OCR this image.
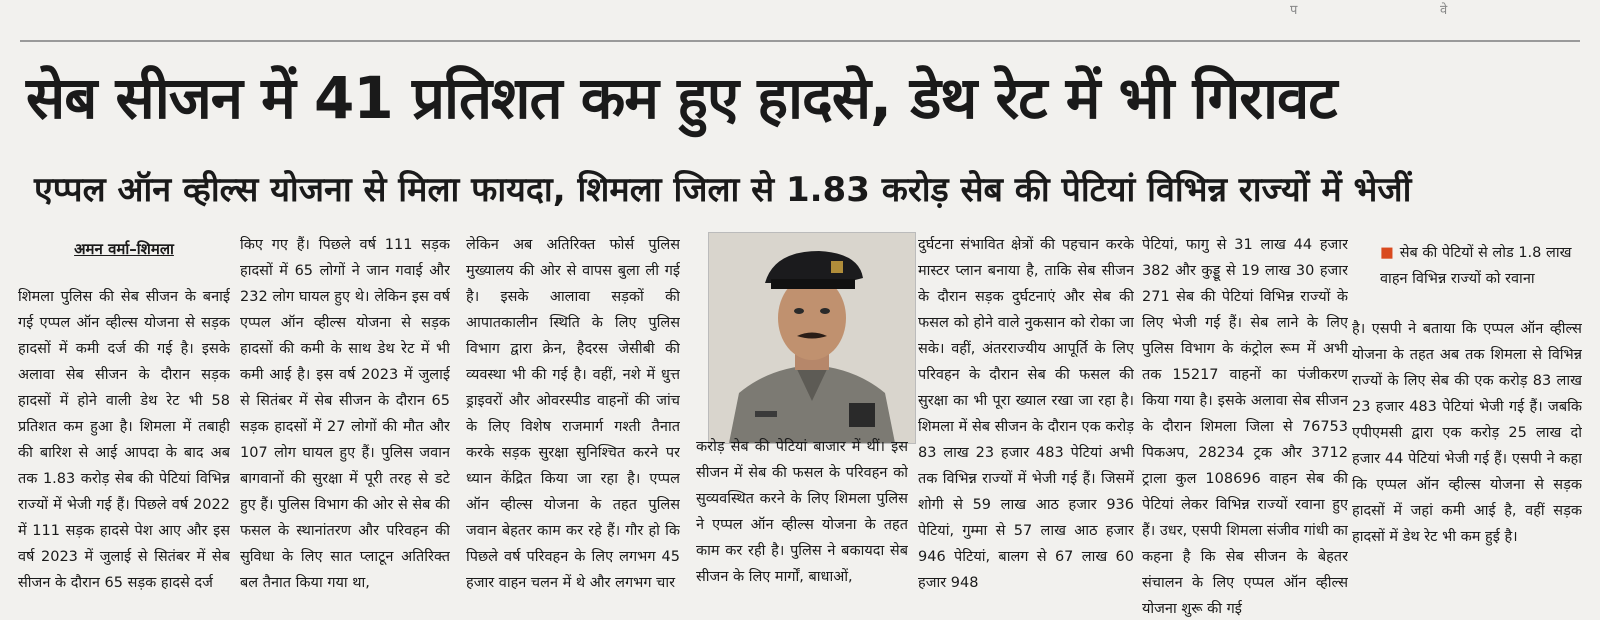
प	वे
सेब सीजन में 41 प्रतिशत कम हुए हादसे, डेथ रेट में भी गिरावट
एप्पल ऑन व्हील्स योजना से मिला फायदा, शिमला जिला से 1.83 करोड़ सेब की पेटियां विभिन्न राज्यों में भेजीं
अमन वर्मा–शिमला

शिमला पुलिस की सेब सीजन के बनाई गई एप्पल ऑन व्हील्स योजना से सड़क हादसों में कमी दर्ज की गई है। इसके अलावा सेब सीजन के दौरान सड़क हादसों में होने वाली डेथ रेट भी 58 प्रतिशत कम हुआ है। शिमला में तबाही की बारिश से आई आपदा के बाद अब तक 1.83 करोड़ सेब की पेटियां विभिन्न राज्यों में भेजी गई हैं। पिछले वर्ष 2022 में 111 सड़क हादसे पेश आए और इस वर्ष 2023 में जुलाई से सितंबर में सेब सीजन के दौरान 65 सड़क हादसे दर्ज

किए गए हैं। पिछले वर्ष 111 सड़क हादसों में 65 लोगों ने जान गवाई और 232 लोग घायल हुए थे। लेकिन इस वर्ष एप्पल ऑन व्हील्स योजना से सड़क हादसों की कमी के साथ डेथ रेट में भी कमी आई है। इस वर्ष 2023 में जुलाई से सितंबर में सेब सीजन के दौरान 65 सड़क हादसों में 27 लोगों की मौत और 107 लोग घायल हुए हैं। पुलिस जवान बागवानों की सुरक्षा में पूरी तरह से डटे हुए हैं। पुलिस विभाग की ओर से सेब की फसल के स्थानांतरण और परिवहन की सुविधा के लिए सात प्लाटून अतिरिक्त बल तैनात किया गया था,

लेकिन अब अतिरिक्त फोर्स पुलिस मुख्यालय की ओर से वापस बुला ली गई है। इसके आलावा सड़कों की आपातकालीन स्थिति के लिए पुलिस विभाग द्वारा क्रेन, हैदरस जेसीबी की व्यवस्था भी की गई है। वहीं, नशे में धुत्त ड्राइवरों और ओवरस्पीड वाहनों की जांच के लिए विशेष राजमार्ग गश्ती तैनात करके सड़क सुरक्षा सुनिश्चित करने पर ध्यान केंद्रित किया जा रहा है। एप्पल ऑन व्हील्स योजना के तहत पुलिस जवान बेहतर काम कर रहे हैं। गौर हो कि पिछले वर्ष परिवहन के लिए लगभग 45 हजार वाहन चलन में थे और लगभग चार

करोड़ सेब की पेटियां बाजार में थीं। इस सीजन में सेब की फसल के परिवहन को सुव्यवस्थित करने के लिए शिमला पुलिस ने एप्पल ऑन व्हील्स योजना के तहत काम कर रही है। पुलिस ने बकायदा सेब सीजन के लिए मार्गों, बाधाओं,

दुर्घटना संभावित क्षेत्रों की पहचान करके मास्टर प्लान बनाया है, ताकि सेब सीजन के दौरान सड़क दुर्घटनाएं और सेब की फसल को होने वाले नुकसान को रोका जा सके। वहीं, अंतरराज्यीय आपूर्ति के लिए परिवहन के दौरान सेब की फसल की सुरक्षा का भी पूरा ख्याल रखा जा रहा है। शिमला में सेब सीजन के दौरान एक करोड़ 83 लाख 23 हजार 483 पेटियां अभी तक विभिन्न राज्यों में भेजी गई हैं। जिसमें शोगी से 59 लाख आठ हजार 936 पेटियां, गुम्मा से 57 लाख आठ हजार 946 पेटियां, बालग से 67 लाख 60 हजार 948

पेटियां, फागु से 31 लाख 44 हजार 382 और कुड्डू से 19 लाख 30 हजार 271 सेब की पेटियां विभिन्न राज्यों के लिए भेजी गई हैं। सेब लाने के लिए पुलिस विभाग के कंट्रोल रूम में अभी तक 15217 वाहनों का पंजीकरण किया गया है। इसके अलावा सेब सीजन के दौरान शिमला जिला से 76753 पिकअप, 28234 ट्रक और 3712 ट्राला कुल 108696 वाहन सेब की पेटियां लेकर विभिन्न राज्यों रवाना हुए हैं। उधर, एसपी शिमला संजीव गांधी का कहना है कि सेब सीजन के बेहतर संचालन के लिए एप्पल ऑन व्हील्स योजना शुरू की गई

■ सेब की पेटियों से लोड 1.8 लाख वाहन विभिन्न राज्यों को रवाना

है। एसपी ने बताया कि एप्पल ऑन व्हील्स योजना के तहत अब तक शिमला से विभिन्न राज्यों के लिए सेब की एक करोड़ 83 लाख 23 हजार 483 पेटियां भेजी गई हैं। जबकि एपीएमसी द्वारा एक करोड़ 25 लाख दो हजार 44 पेटियां भेजी गई हैं। एसपी ने कहा कि एप्पल ऑन व्हील्स योजना से सड़क हादसों में जहां कमी आई है, वहीं सड़क हादसों में डेथ रेट भी कम हुई है।
